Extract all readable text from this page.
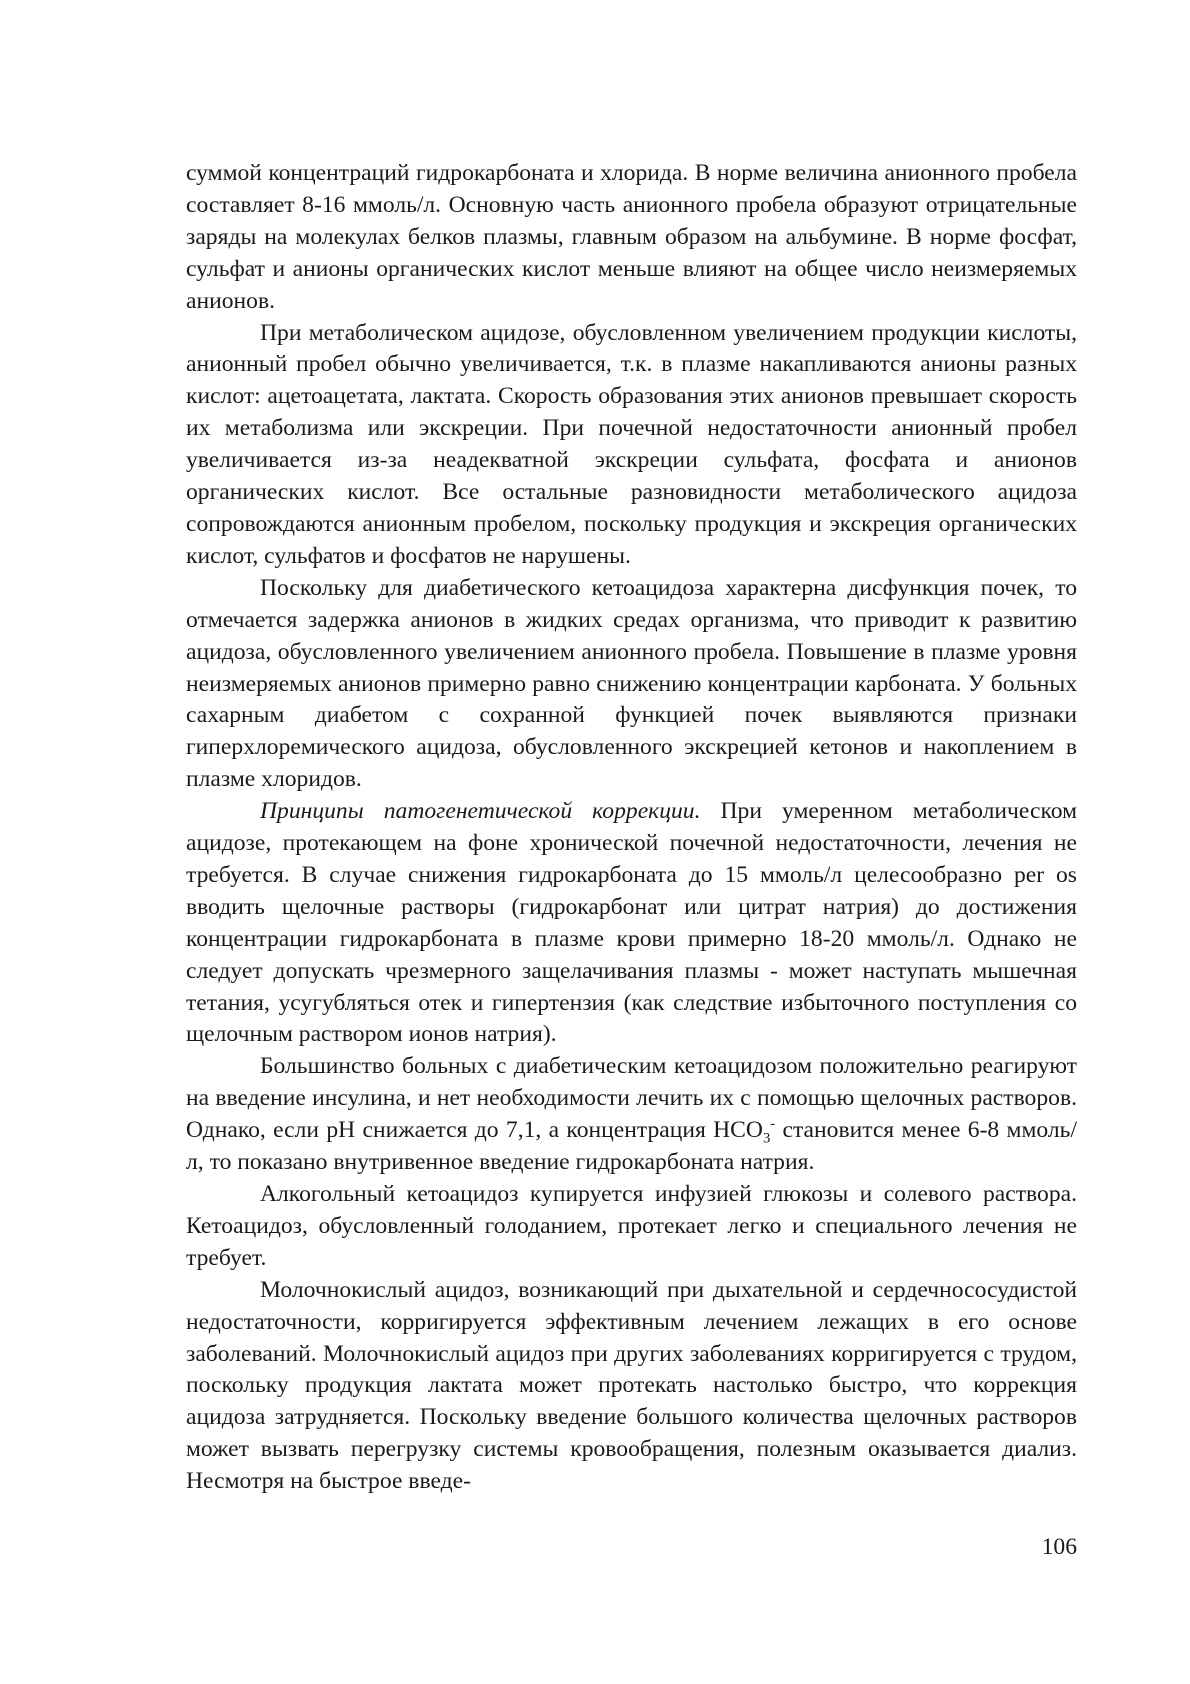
суммой концентраций гидрокарбоната и хлорида. В норме величина анионного пробела составляет 8-16 ммоль/л. Основную часть анионного пробела образуют отрицательные заряды на молекулах белков плазмы, главным образом на альбумине. В норме фосфат, сульфат и анионы органических кислот меньше влияют на общее число неизмеряемых анионов.

При метаболическом ацидозе, обусловленном увеличением продукции кислоты, анионный пробел обычно увеличивается, т.к. в плазме накапливаются анионы разных кислот: ацетоацетата, лактата. Скорость образования этих анионов превышает скорость их метаболизма или экскреции. При почечной недостаточности анионный пробел увеличивается из-за неадекватной экскреции сульфата, фосфата и анионов органических кислот. Все остальные разновидности метаболического ацидоза сопровождаются анионным пробелом, поскольку продукция и экскреция органических кислот, сульфатов и фосфатов не нарушены.

Поскольку для диабетического кетоацидоза характерна дисфункция почек, то отмечается задержка анионов в жидких средах организма, что приводит к развитию ацидоза, обусловленного увеличением анионного пробела. Повышение в плазме уровня неизмеряемых анионов примерно равно снижению концентрации карбоната. У больных сахарным диабетом с сохранной функцией почек выявляются признаки гиперхлоремического ацидоза, обусловленного экскрецией кетонов и накоплением в плазме хлоридов.

Принципы патогенетической коррекции. При умеренном метаболическом ацидозе, протекающем на фоне хронической почечной недостаточности, лечения не требуется. В случае снижения гидрокарбоната до 15 ммоль/л целесообразно per os вводить щелочные растворы (гидрокарбонат или цитрат натрия) до достижения концентрации гидрокарбоната в плазме крови примерно 18-20 ммоль/л. Однако не следует допускать чрезмерного защелачивания плазмы - может наступать мышечная тетания, усугубляться отек и гипертензия (как следствие избыточного поступления со щелочным раствором ионов натрия).

Большинство больных с диабетическим кетоацидозом положительно реагируют на введение инсулина, и нет необходимости лечить их с помощью щелочных растворов. Однако, если pH снижается до 7,1, а концентрация $HCO_3^-$ становится менее 6-8 ммоль/л, то показано внутривенное введение гидрокарбоната натрия.

Алкогольный кетоацидоз купируется инфузией глюкозы и солевого раствора. Кетоацидоз, обусловленный голоданием, протекает легко и специального лечения не требует.

Молочнокислый ацидоз, возникающий при дыхательной и сердечнососудистой недостаточности, корригируется эффективным лечением лежащих в его основе заболеваний. Молочнокислый ацидоз при других заболеваниях корригируется с трудом, поскольку продукция лактата может протекать настолько быстро, что коррекция ацидоза затрудняется. Поскольку введение большого количества щелочных растворов может вызвать перегрузку системы кровообращения, полезным оказывается диализ. Несмотря на быстрое введе-

106
